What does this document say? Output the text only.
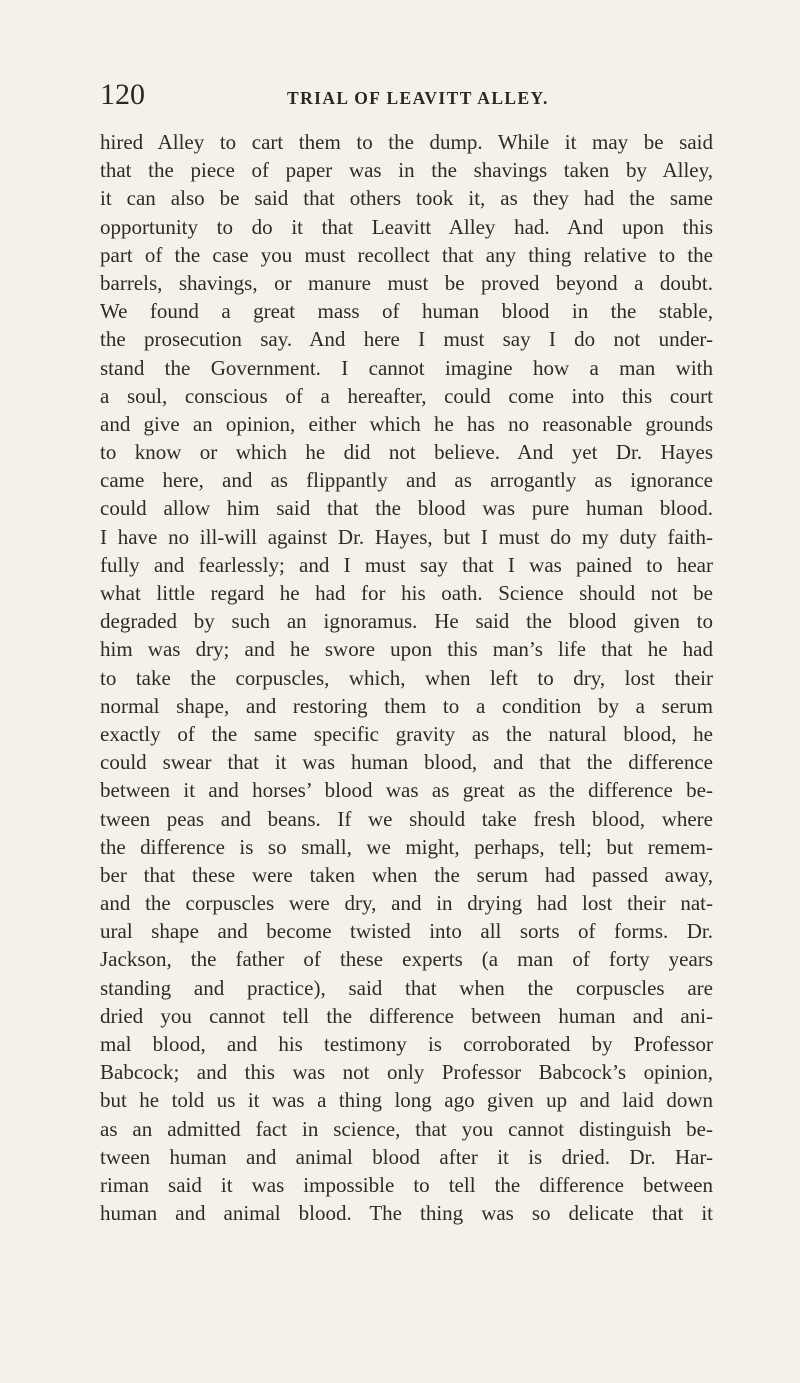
120	TRIAL OF LEAVITT ALLEY.
hired Alley to cart them to the dump. While it may be said
that the piece of paper was in the shavings taken by Alley,
it can also be said that others took it, as they had the same
opportunity to do it that Leavitt Alley had. And upon this
part of the case you must recollect that any thing relative to the
barrels, shavings, or manure must be proved beyond a doubt.
We found a great mass of human blood in the stable,
the prosecution say. And here I must say I do not under-
stand the Government. I cannot imagine how a man with
a soul, conscious of a hereafter, could come into this court
and give an opinion, either which he has no reasonable grounds
to know or which he did not believe. And yet Dr. Hayes
came here, and as flippantly and as arrogantly as ignorance
could allow him said that the blood was pure human blood.
I have no ill-will against Dr. Hayes, but I must do my duty faith-
fully and fearlessly; and I must say that I was pained to hear
what little regard he had for his oath. Science should not be
degraded by such an ignoramus. He said the blood given to
him was dry; and he swore upon this man’s life that he had
to take the corpuscles, which, when left to dry, lost their
normal shape, and restoring them to a condition by a serum
exactly of the same specific gravity as the natural blood, he
could swear that it was human blood, and that the difference
between it and horses’ blood was as great as the difference be-
tween peas and beans. If we should take fresh blood, where
the difference is so small, we might, perhaps, tell; but remem-
ber that these were taken when the serum had passed away,
and the corpuscles were dry, and in drying had lost their nat-
ural shape and become twisted into all sorts of forms. Dr.
Jackson, the father of these experts (a man of forty years
standing and practice), said that when the corpuscles are
dried you cannot tell the difference between human and ani-
mal blood, and his testimony is corroborated by Professor
Babcock; and this was not only Professor Babcock’s opinion,
but he told us it was a thing long ago given up and laid down
as an admitted fact in science, that you cannot distinguish be-
tween human and animal blood after it is dried. Dr. Har-
riman said it was impossible to tell the difference between
human and animal blood. The thing was so delicate that it
